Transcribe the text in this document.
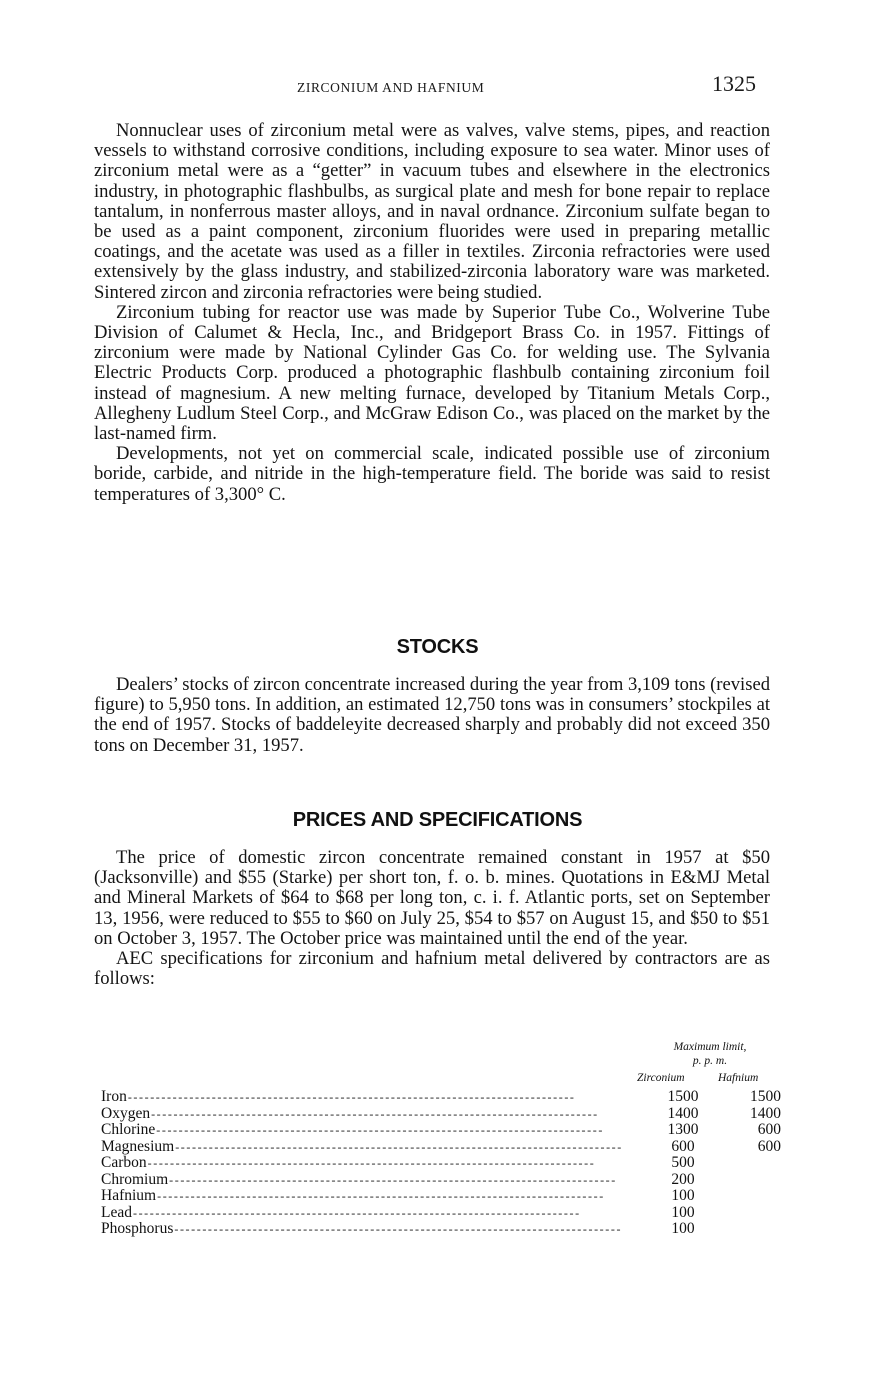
ZIRCONIUM AND HAFNIUM	1325

Nonnuclear uses of zirconium metal were as valves, valve stems, pipes, and reaction vessels to withstand corrosive conditions, including exposure to sea water. Minor uses of zirconium metal were as a “getter” in vacuum tubes and elsewhere in the electronics industry, in photographic flashbulbs, as surgical plate and mesh for bone repair to replace tantalum, in nonferrous master alloys, and in naval ordnance. Zirconium sulfate began to be used as a paint component, zirconium fluorides were used in preparing metallic coatings, and the acetate was used as a filler in textiles. Zirconia refractories were used extensively by the glass industry, and stabilized-zirconia laboratory ware was marketed. Sintered zircon and zirconia refractories were being studied.

Zirconium tubing for reactor use was made by Superior Tube Co., Wolverine Tube Division of Calumet & Hecla, Inc., and Bridgeport Brass Co. in 1957. Fittings of zirconium were made by National Cylinder Gas Co. for welding use. The Sylvania Electric Products Corp. produced a photographic flashbulb containing zirconium foil instead of magnesium. A new melting furnace, developed by Titanium Metals Corp., Allegheny Ludlum Steel Corp., and McGraw Edison Co., was placed on the market by the last-named firm.

Developments, not yet on commercial scale, indicated possible use of zirconium boride, carbide, and nitride in the high-temperature field. The boride was said to resist temperatures of 3,300° C.

STOCKS

Dealers’ stocks of zircon concentrate increased during the year from 3,109 tons (revised figure) to 5,950 tons. In addition, an estimated 12,750 tons was in consumers’ stockpiles at the end of 1957. Stocks of baddeleyite decreased sharply and probably did not exceed 350 tons on December 31, 1957.

PRICES AND SPECIFICATIONS

The price of domestic zircon concentrate remained constant in 1957 at $50 (Jacksonville) and $55 (Starke) per short ton, f. o. b. mines. Quotations in E&MJ Metal and Mineral Markets of $64 to $68 per long ton, c. i. f. Atlantic ports, set on September 13, 1956, were reduced to $55 to $60 on July 25, $54 to $57 on August 15, and $50 to $51 on October 3, 1957. The October price was maintained until the end of the year.

AEC specifications for zirconium and hafnium metal delivered by contractors are as follows:

Maximum limit,
p. p. m.
Zirconium	Hafnium
Iron --------------------------------------------------------------------------------	1500	1500
Oxygen --------------------------------------------------------------------------------	1400	1400
Chlorine --------------------------------------------------------------------------------	1300	600
Magnesium --------------------------------------------------------------------------------	600	600
Carbon --------------------------------------------------------------------------------	500
Chromium --------------------------------------------------------------------------------	200
Hafnium --------------------------------------------------------------------------------	100
Lead --------------------------------------------------------------------------------	100
Phosphorus --------------------------------------------------------------------------------	100
